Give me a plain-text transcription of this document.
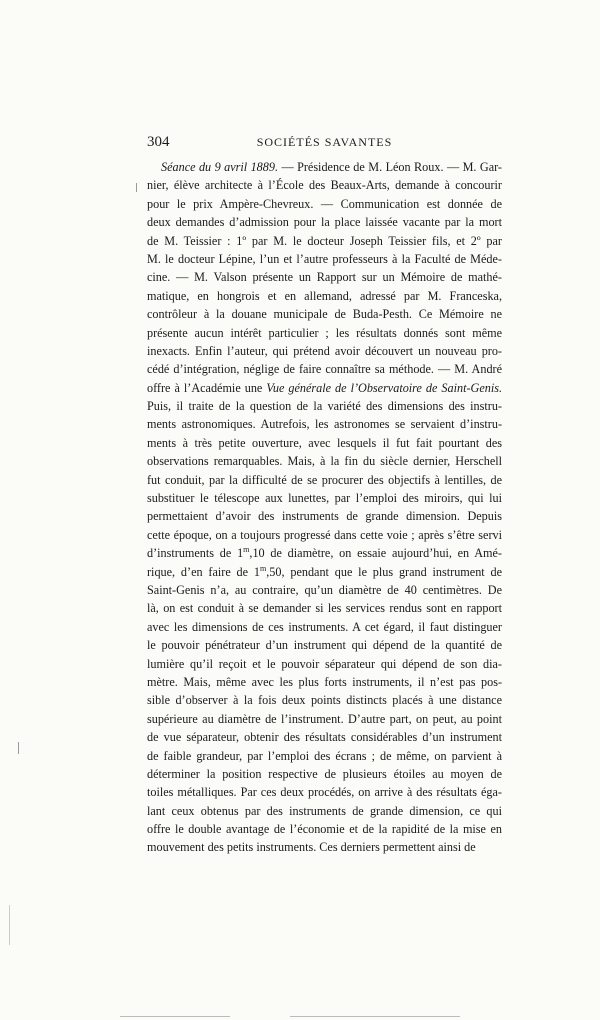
304	SOCIÉTÉS SAVANTES
Séance du 9 avril 1889. — Présidence de M. Léon Roux. — M. Gar-
nier, élève architecte à l’École des Beaux-Arts, demande à concourir
pour le prix Ampère-Chevreux. — Communication est donnée de
deux demandes d’admission pour la place laissée vacante par la mort
de M. Teissier : 1º par M. le docteur Joseph Teissier fils, et 2º par
M. le docteur Lépine, l’un et l’autre professeurs à la Faculté de Méde-
cine. — M. Valson présente un Rapport sur un Mémoire de mathé-
matique, en hongrois et en allemand, adressé par M. Franceska,
contrôleur à la douane municipale de Buda-Pesth. Ce Mémoire ne
présente aucun intérêt particulier ; les résultats donnés sont même
inexacts. Enfin l’auteur, qui prétend avoir découvert un nouveau pro-
cédé d’intégration, néglige de faire connaître sa méthode. — M. André
offre à l’Académie une Vue générale de l’Observatoire de Saint-Genis.
Puis, il traite de la question de la variété des dimensions des instru-
ments astronomiques. Autrefois, les astronomes se servaient d’instru-
ments à très petite ouverture, avec lesquels il fut fait pourtant des
observations remarquables. Mais, à la fin du siècle dernier, Herschell
fut conduit, par la difficulté de se procurer des objectifs à lentilles, de
substituer le télescope aux lunettes, par l’emploi des miroirs, qui lui
permettaient d’avoir des instruments de grande dimension. Depuis
cette époque, on a toujours progressé dans cette voie ; après s’être servi
d’instruments de 1$^m$,10 de diamètre, on essaie aujourd’hui, en Amé-
rique, d’en faire de 1$^m$,50, pendant que le plus grand instrument de
Saint-Genis n’a, au contraire, qu’un diamètre de 40 centimètres. De
là, on est conduit à se demander si les services rendus sont en rapport
avec les dimensions de ces instruments. A cet égard, il faut distinguer
le pouvoir pénétrateur d’un instrument qui dépend de la quantité de
lumière qu’il reçoit et le pouvoir séparateur qui dépend de son dia-
mètre. Mais, même avec les plus forts instruments, il n’est pas pos-
sible d’observer à la fois deux points distincts placés à une distance
supérieure au diamètre de l’instrument. D’autre part, on peut, au point
de vue séparateur, obtenir des résultats considérables d’un instrument
de faible grandeur, par l’emploi des écrans ; de même, on parvient à
déterminer la position respective de plusieurs étoiles au moyen de
toiles métalliques. Par ces deux procédés, on arrive à des résultats éga-
lant ceux obtenus par des instruments de grande dimension, ce qui
offre le double avantage de l’économie et de la rapidité de la mise en
mouvement des petits instruments. Ces derniers permettent ainsi de
